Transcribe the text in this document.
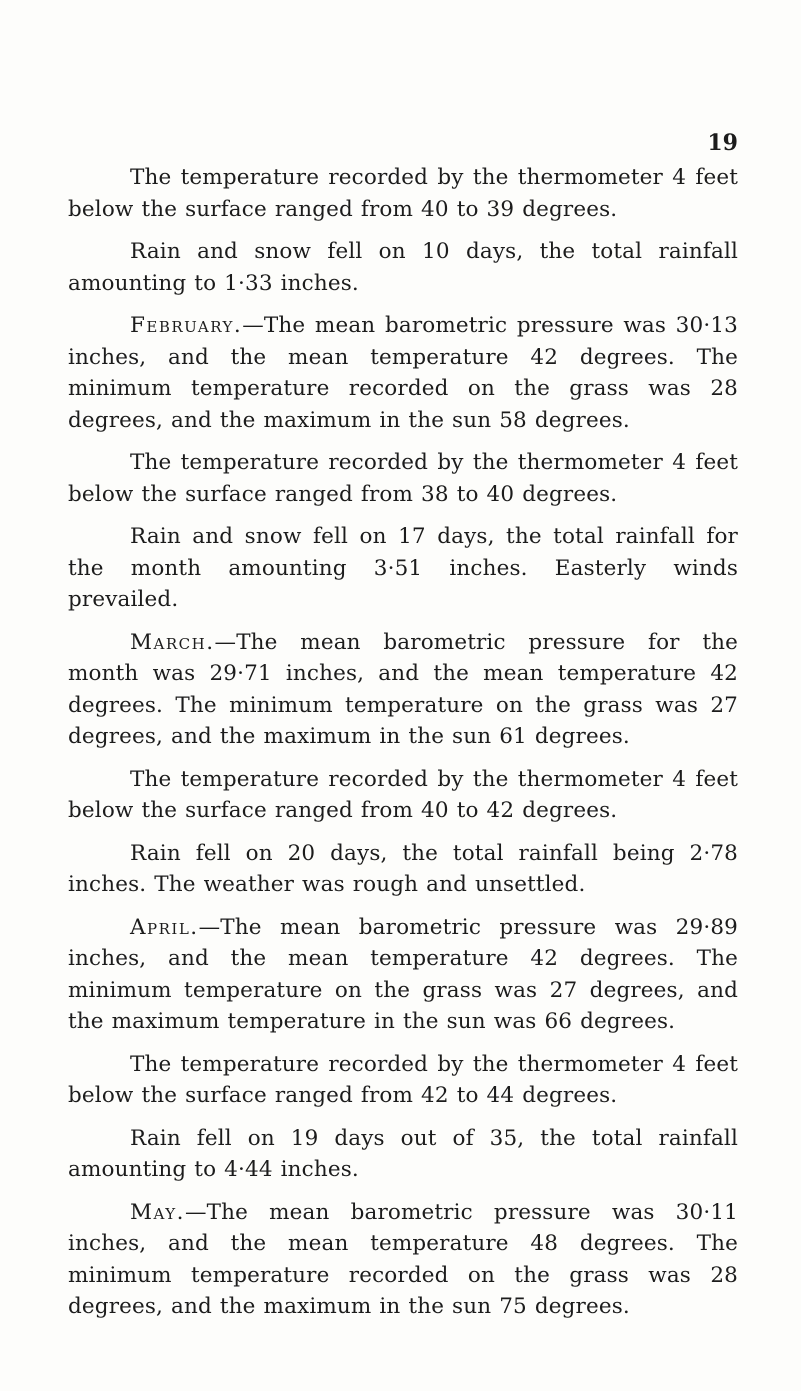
19

The temperature recorded by the thermometer 4 feet below the surface ranged from 40 to 39 degrees.

Rain and snow fell on 10 days, the total rainfall amounting to 1·33 inches.

February.—The mean barometric pressure was 30·13 inches, and the mean temperature 42 degrees. The minimum temperature recorded on the grass was 28 degrees, and the maximum in the sun 58 degrees.

The temperature recorded by the thermometer 4 feet below the surface ranged from 38 to 40 degrees.

Rain and snow fell on 17 days, the total rainfall for the month amounting 3·51 inches. Easterly winds prevailed.

March.—The mean barometric pressure for the month was 29·71 inches, and the mean temperature 42 degrees. The minimum temperature on the grass was 27 degrees, and the maximum in the sun 61 degrees.

The temperature recorded by the thermometer 4 feet below the surface ranged from 40 to 42 degrees.

Rain fell on 20 days, the total rainfall being 2·78 inches. The weather was rough and unsettled.

April.—The mean barometric pressure was 29·89 inches, and the mean temperature 42 degrees. The minimum temperature on the grass was 27 degrees, and the maximum temperature in the sun was 66 degrees.

The temperature recorded by the thermometer 4 feet below the surface ranged from 42 to 44 degrees.

Rain fell on 19 days out of 35, the total rainfall amounting to 4·44 inches.

May.—The mean barometric pressure was 30·11 inches, and the mean temperature 48 degrees. The minimum temperature recorded on the grass was 28 degrees, and the maximum in the sun 75 degrees.
